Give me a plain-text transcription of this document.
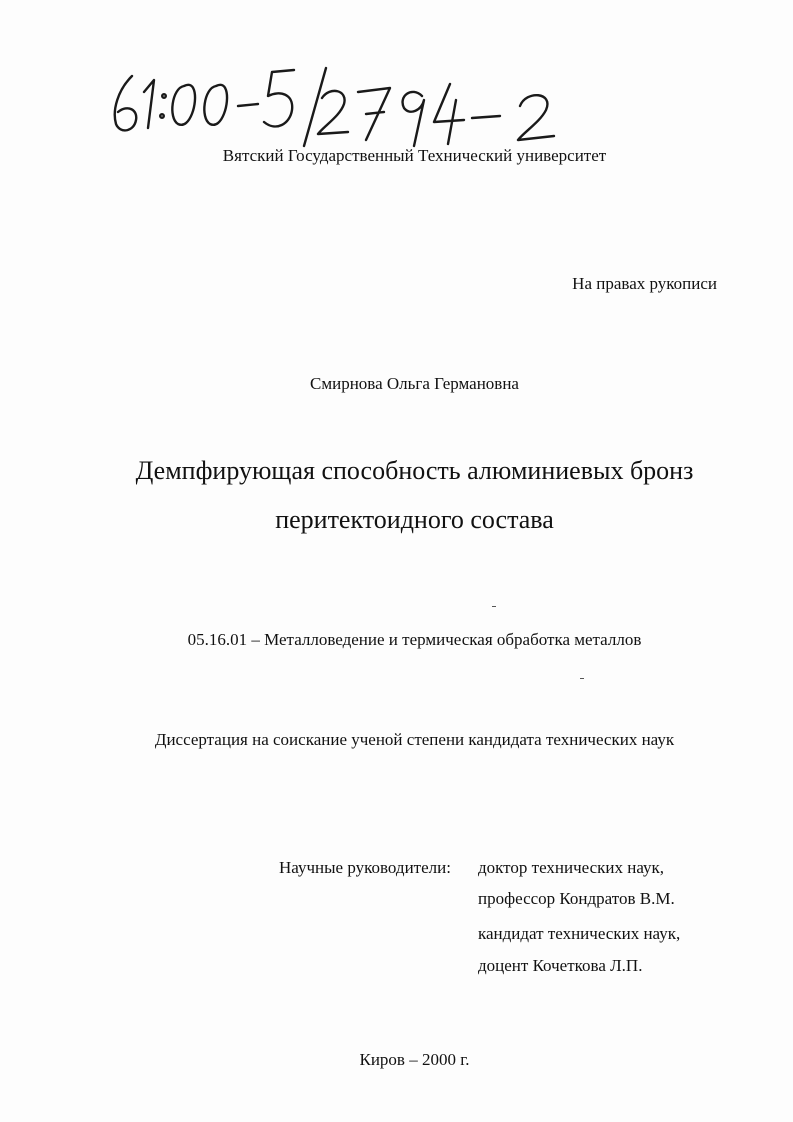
Вятский Государственный Технический университет
На правах рукописи
Смирнова Ольга Германовна
Демпфирующая способность алюминиевых бронз
перитектоидного состава
05.16.01 – Металловедение и термическая обработка металлов
Диссертация на соискание ученой степени кандидата технических наук
Научные руководители: доктор технических наук,
профессор Кондратов В.М.
кандидат технических наук,
доцент Кочеткова Л.П.
Киров – 2000 г.
